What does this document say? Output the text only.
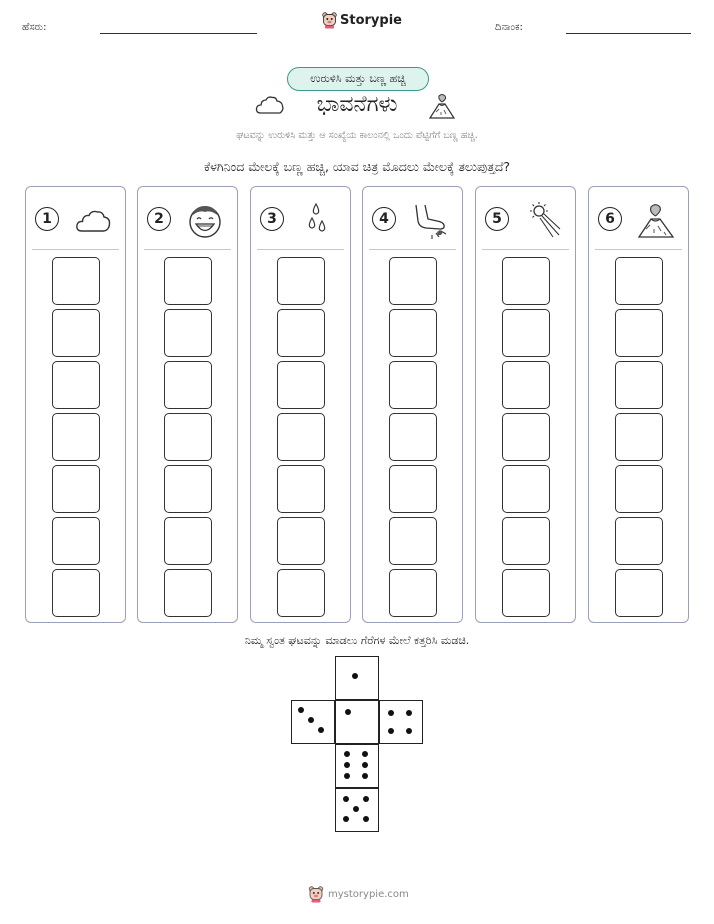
ಹೆಸರು:	Storypie	ದಿನಾಂಕ:
ಉರುಳಿಸಿ ಮತ್ತು ಬಣ್ಣ ಹಚ್ಚಿ
ಭಾವನೆಗಳು
ಘಟವನ್ನು ಉರುಳಿಸಿ ಮತ್ತು ಆ ಸಂಖ್ಯೆಯ ಕಾಲಂನಲ್ಲಿ ಒಂದು ಪೆಟ್ಟಿಗೆಗೆ ಬಣ್ಣ ಹಚ್ಚಿ.
ಕೆಳಗಿನಿಂದ ಮೇಲಕ್ಕೆ ಬಣ್ಣ ಹಚ್ಚಿ, ಯಾವ ಚಿತ್ರ ಮೊದಲು ಮೇಲಕ್ಕೆ ತಲುಪುತ್ತದೆ?
1	2	3	4	5	6
ನಿಮ್ಮ ಸ್ವಂತ ಘಟವನ್ನು ಮಾಡಲು ಗೆರೆಗಳ ಮೇಲೆ ಕತ್ತರಿಸಿ ಮಡಚಿ.
mystorypie.com
